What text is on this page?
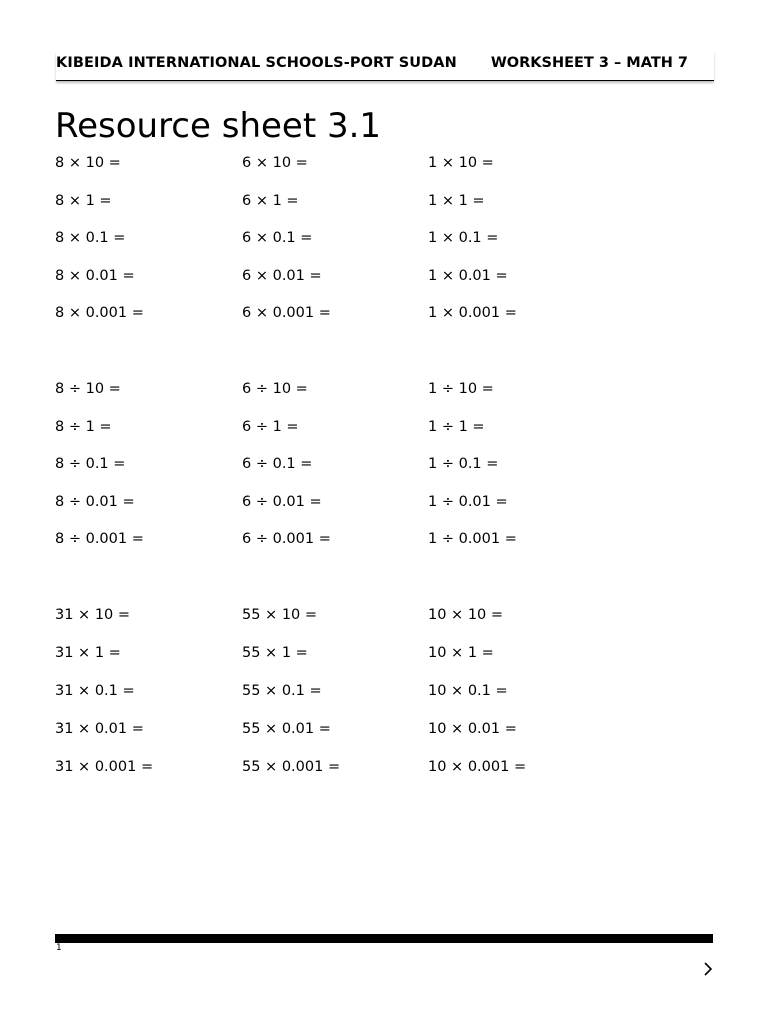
KIBEIDA INTERNATIONAL SCHOOLS-PORT SUDAN WORKSHEET 3 – MATH 7
Resource sheet 3.1
8 × 10 =
8 × 1 =
8 × 0.1 =
8 × 0.01 =
8 × 0.001 =
6 × 10 =
6 × 1 =
6 × 0.1 =
6 × 0.01 =
6 × 0.001 =
1 × 10 =
1 × 1 =
1 × 0.1 =
1 × 0.01 =
1 × 0.001 =
8 ÷ 10 =
8 ÷ 1 =
8 ÷ 0.1 =
8 ÷ 0.01 =
8 ÷ 0.001 =
6 ÷ 10 =
6 ÷ 1 =
6 ÷ 0.1 =
6 ÷ 0.01 =
6 ÷ 0.001 =
1 ÷ 10 =
1 ÷ 1 =
1 ÷ 0.1 =
1 ÷ 0.01 =
1 ÷ 0.001 =
31 × 10 =
31 × 1 =
31 × 0.1 =
31 × 0.01 =
31 × 0.001 =
55 × 10 =
55 × 1 =
55 × 0.1 =
55 × 0.01 =
55 × 0.001 =
10 × 10 =
10 × 1 =
10 × 0.1 =
10 × 0.01 =
10 × 0.001 =
1
